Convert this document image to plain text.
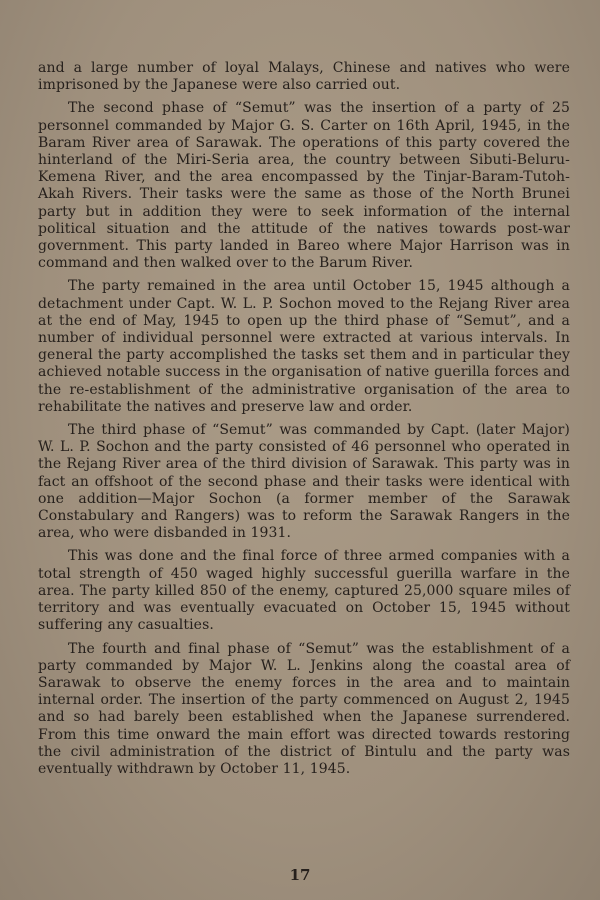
and a large number of loyal Malays, Chinese and natives who were imprisoned by the Japanese were also carried out.

The second phase of “Semut” was the insertion of a party of 25 personnel commanded by Major G. S. Carter on 16th April, 1945, in the Baram River area of Sarawak. The operations of this party covered the hinterland of the Miri-Seria area, the country between Sibuti-Beluru-Kemena River, and the area encompassed by the Tinjar-Baram-Tutoh-Akah Rivers. Their tasks were the same as those of the North Brunei party but in addition they were to seek information of the internal political situation and the attitude of the natives towards post-war government. This party landed in Bareo where Major Harrison was in command and then walked over to the Barum River.

The party remained in the area until October 15, 1945 although a detachment under Capt. W. L. P. Sochon moved to the Rejang River area at the end of May, 1945 to open up the third phase of “Semut”, and a number of individual personnel were extracted at various intervals. In general the party accomplished the tasks set them and in particular they achieved notable success in the organisation of native guerilla forces and the re-establishment of the administrative organisation of the area to rehabilitate the natives and preserve law and order.

The third phase of “Semut” was commanded by Capt. (later Major) W. L. P. Sochon and the party consisted of 46 personnel who operated in the Rejang River area of the third division of Sarawak. This party was in fact an offshoot of the second phase and their tasks were identical with one addition—Major Sochon (a former member of the Sarawak Constabulary and Rangers) was to reform the Sarawak Rangers in the area, who were disbanded in 1931.

This was done and the final force of three armed companies with a total strength of 450 waged highly successful guerilla warfare in the area. The party killed 850 of the enemy, captured 25,000 square miles of territory and was eventually evacuated on October 15, 1945 without suffering any casualties.

The fourth and final phase of “Semut” was the establishment of a party commanded by Major W. L. Jenkins along the coastal area of Sarawak to observe the enemy forces in the area and to maintain internal order. The insertion of the party commenced on August 2, 1945 and so had barely been established when the Japanese surrendered. From this time onward the main effort was directed towards restoring the civil administration of the district of Bintulu and the party was eventually withdrawn by October 11, 1945.

17
